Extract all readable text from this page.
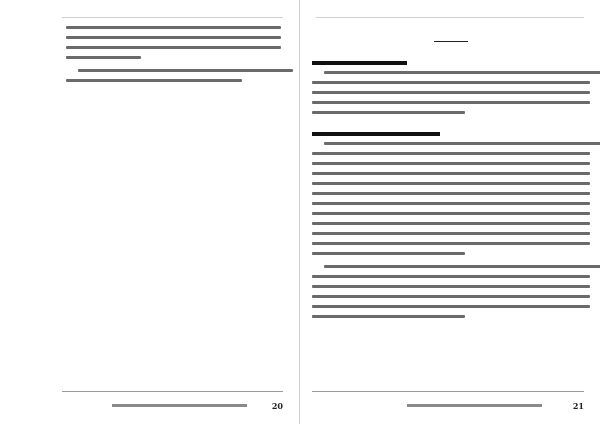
20	21
